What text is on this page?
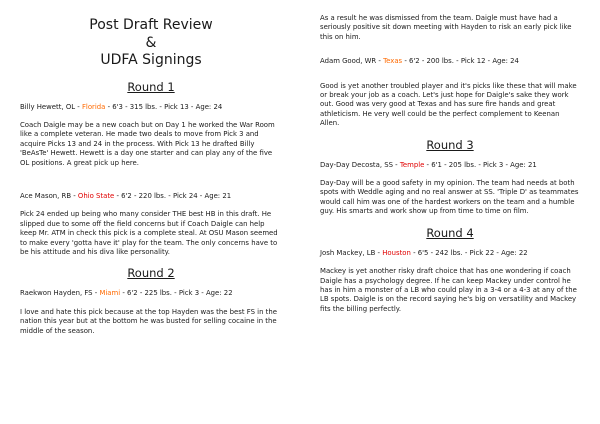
Post Draft Review
&
UDFA Signings
Round 1
Billy Hewett, OL - Florida - 6'3 - 315 lbs. - Pick 13 - Age: 24

Coach Daigle may be a new coach but on Day 1 he worked the War Room like a complete veteran. He made two deals to move from Pick 3 and acquire Picks 13 and 24 in the process. With Pick 13 he drafted Billy 'BeAsTe' Hewett. Hewett is a day one starter and can play any of the five OL positions. A great pick up here.

Ace Mason, RB - Ohio State - 6'2 - 220 lbs. - Pick 24 - Age: 21

Pick 24 ended up being who many consider THE best HB in this draft. He slipped due to some off the field concerns but if Coach Daigle can help keep Mr. ATM in check this pick is a complete steal. At OSU Mason seemed to make every 'gotta have it' play for the team. The only concerns have to be his attitude and his diva like personality.

Round 2
Raekwon Hayden, FS - Miami - 6'2 - 225 lbs. - Pick 3 - Age: 22

I love and hate this pick because at the top Hayden was the best FS in the nation this year but at the bottom he was busted for selling cocaine in the middle of the season.

As a result he was dismissed from the team. Daigle must have had a seriously positive sit down meeting with Hayden to risk an early pick like this on him.

Adam Good, WR - Texas - 6'2 - 200 lbs. - Pick 12 - Age: 24

Good is yet another troubled player and it's picks like these that will make or break your job as a coach. Let's just hope for Daigle's sake they work out. Good was very good at Texas and has sure fire hands and great athleticism. He very well could be the perfect complement to Keenan Allen.

Round 3
Day-Day Decosta, SS - Temple - 6'1 - 205 lbs. - Pick 3 - Age: 21

Day-Day will be a good safety in my opinion. The team had needs at both spots with Weddle aging and no real answer at SS. 'Triple D' as teammates would call him was one of the hardest workers on the team and a humble guy. His smarts and work show up from time to time on film.

Round 4
Josh Mackey, LB - Houston - 6'5 - 242 lbs. - Pick 22 - Age: 22

Mackey is yet another risky draft choice that has one wondering if coach Daigle has a psychology degree. If he can keep Mackey under control he has in him a monster of a LB who could play in a 3-4 or a 4-3 at any of the LB spots. Daigle is on the record saying he's big on versatility and Mackey fits the billing perfectly.
